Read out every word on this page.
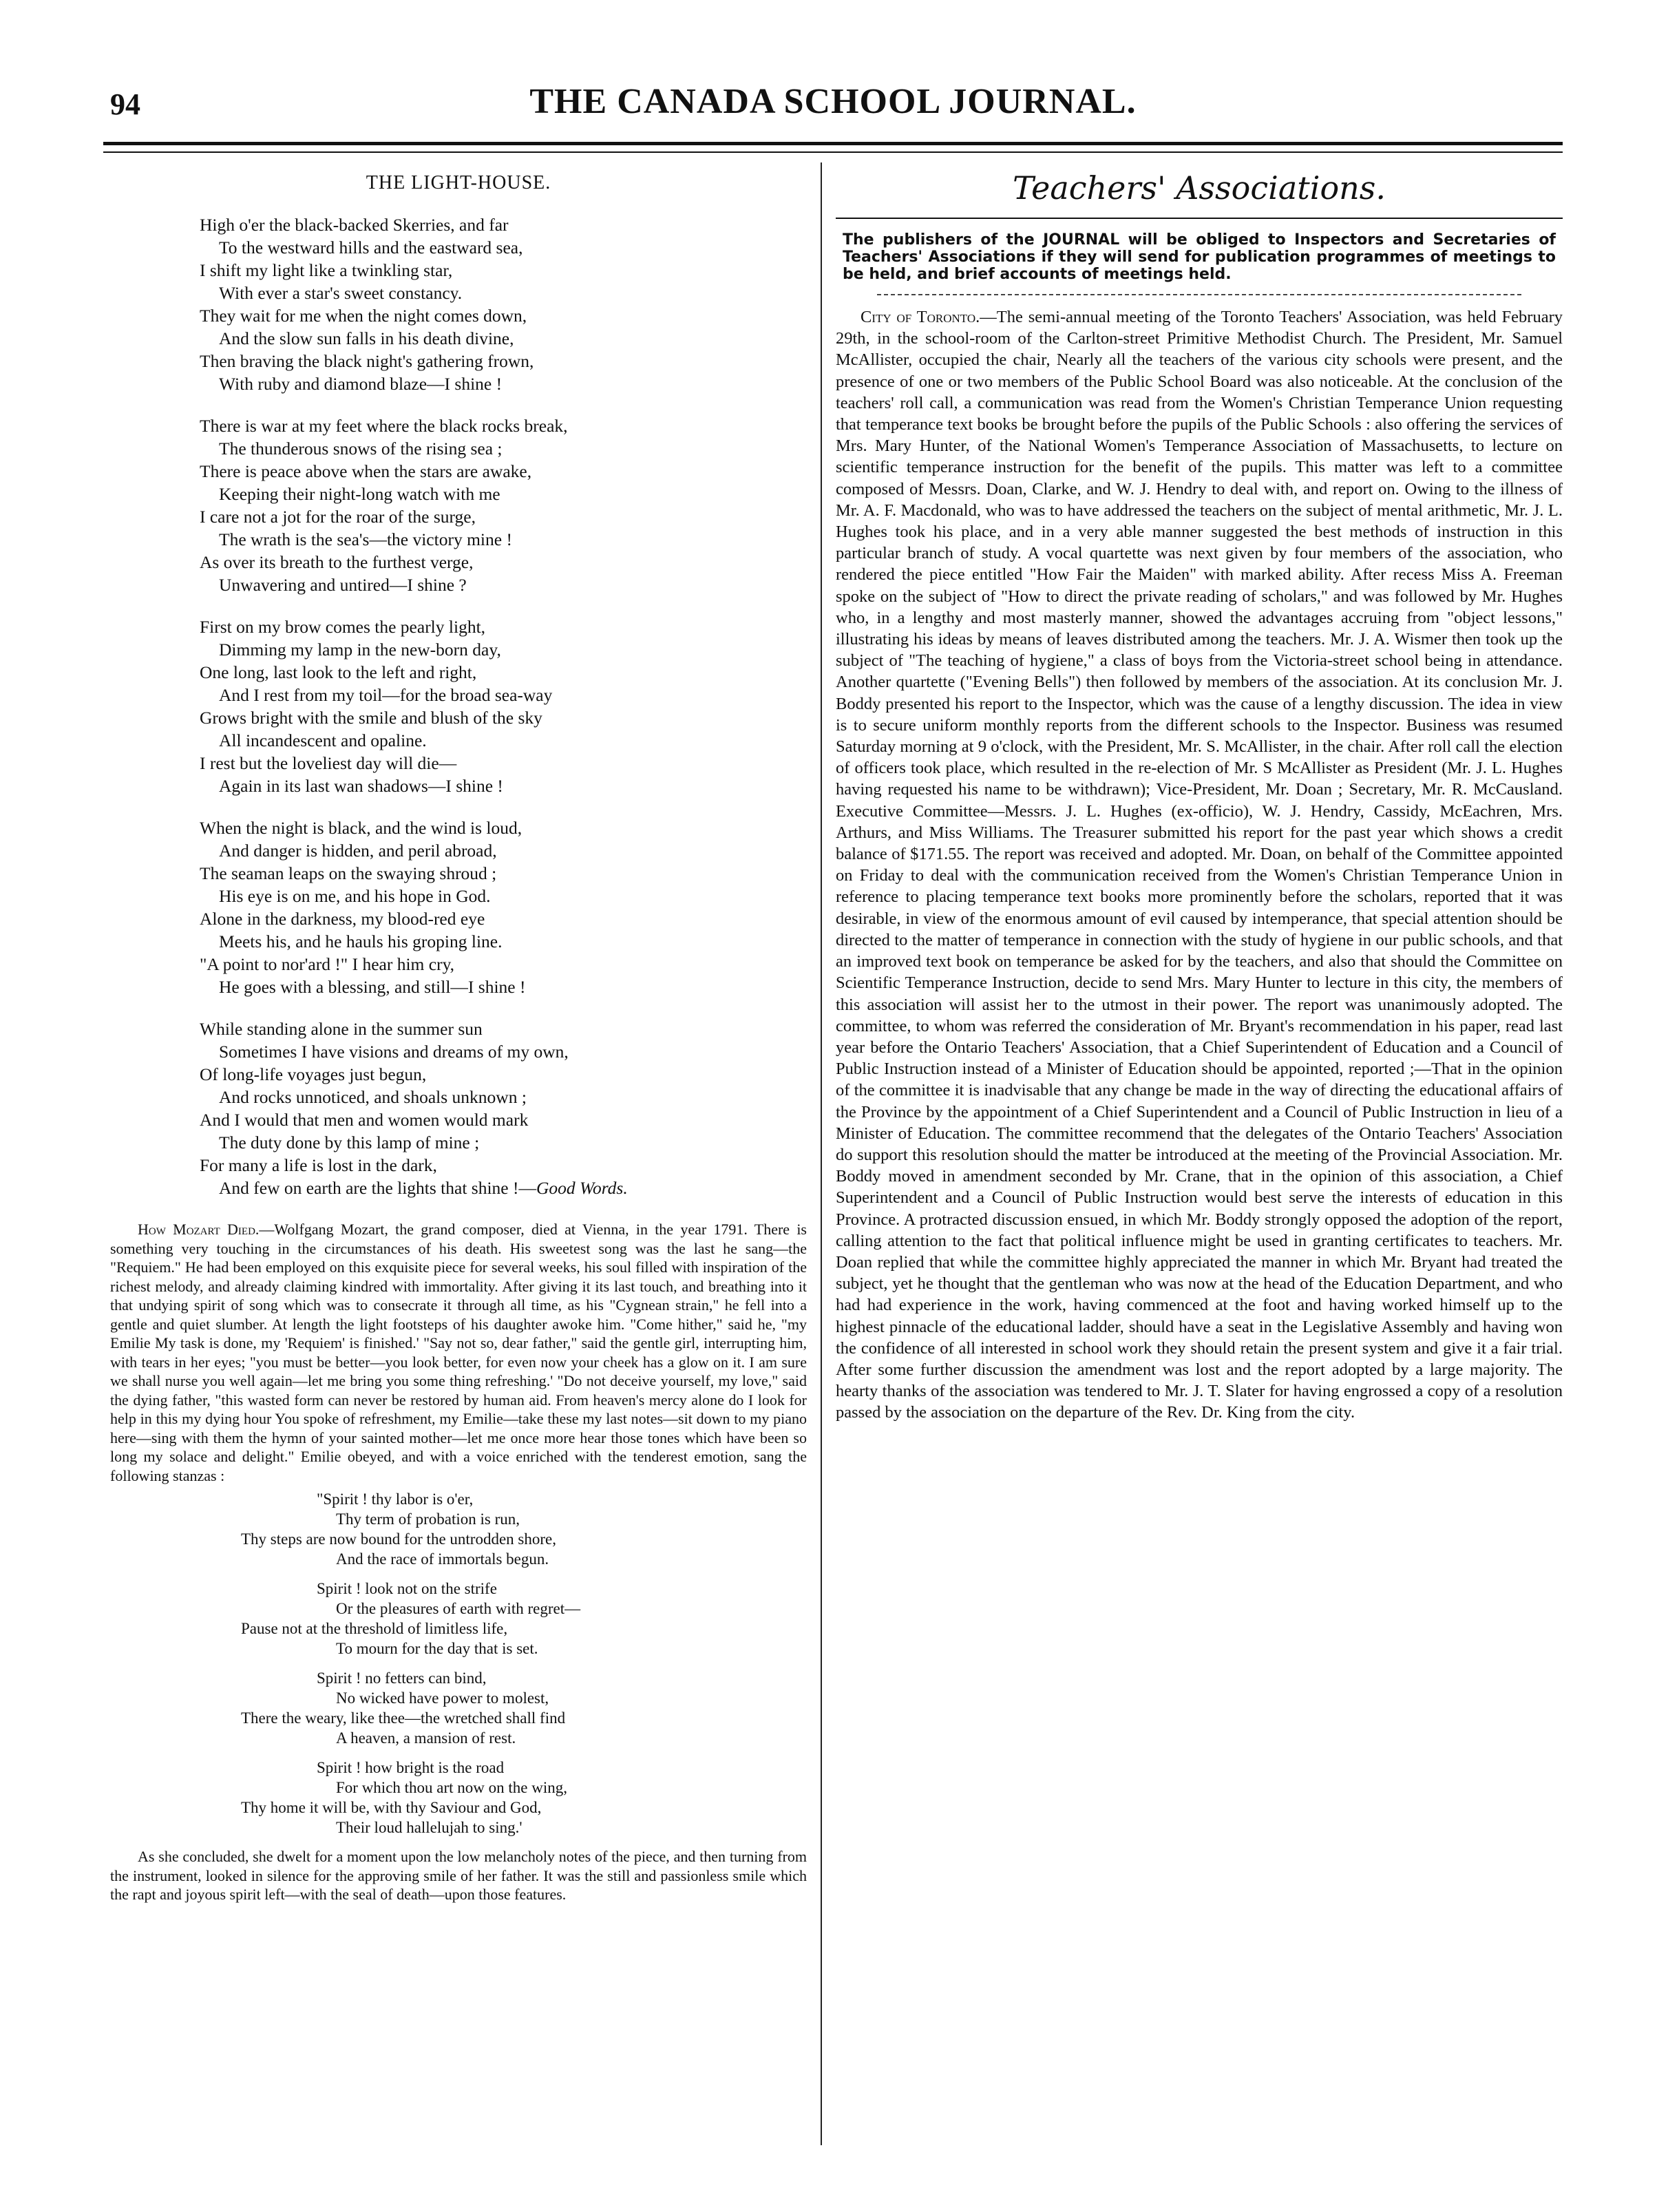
94	THE CANADA SCHOOL JOURNAL.
THE LIGHT-HOUSE.
High o'er the black-backed Skerries, and far
To the westward hills and the eastward sea,
I shift my light like a twinkling star,
With ever a star's sweet constancy.
They wait for me when the night comes down,
And the slow sun falls in his death divine,
Then braving the black night's gathering frown,
With ruby and diamond blaze—I shine !
There is war at my feet where the black rocks break,
The thunderous snows of the rising sea ;
There is peace above when the stars are awake,
Keeping their night-long watch with me
I care not a jot for the roar of the surge,
The wrath is the sea's—the victory mine !
As over its breath to the furthest verge,
Unwavering and untired—I shine ?
First on my brow comes the pearly light,
Dimming my lamp in the new-born day,
One long, last look to the left and right,
And I rest from my toil—for the broad sea-way
Grows bright with the smile and blush of the sky
All incandescent and opaline.
I rest but the loveliest day will die—
Again in its last wan shadows—I shine !
When the night is black, and the wind is loud,
And danger is hidden, and peril abroad,
The seaman leaps on the swaying shroud ;
His eye is on me, and his hope in God.
Alone in the darkness, my blood-red eye
Meets his, and he hauls his groping line.
"A point to nor'ard !" I hear him cry,
He goes with a blessing, and still—I shine !
While standing alone in the summer sun
Sometimes I have visions and dreams of my own,
Of long-life voyages just begun,
And rocks unnoticed, and shoals unknown ;
And I would that men and women would mark
The duty done by this lamp of mine ;
For many a life is lost in the dark,
And few on earth are the lights that shine !—Good Words.
How Mozart Died.—Wolfgang Mozart, the grand composer, died at Vienna, in the year 1791. There is something very touching in the circumstances of his death. His sweetest song was the last he sang—the "Requiem." He had been employed on this exquisite piece for several weeks, his soul filled with inspiration of the richest melody, and already claiming kindred with immortality. After giving it its last touch, and breathing into it that undying spirit of song which was to consecrate it through all time, as his "Cygnean strain," he fell into a gentle and quiet slumber. At length the light footsteps of his daughter awoke him. "Come hither," said he, "my Emilie My task is done, my 'Requiem' is finished.' "Say not so, dear father," said the gentle girl, interrupting him, with tears in her eyes; "you must be better—you look better, for even now your cheek has a glow on it. I am sure we shall nurse you well again—let me bring you some thing refreshing.' "Do not deceive yourself, my love," said the dying father, "this wasted form can never be restored by human aid. From heaven's mercy alone do I look for help in this my dying hour You spoke of refreshment, my Emilie—take these my last notes—sit down to my piano here—sing with them the hymn of your sainted mother—let me once more hear those tones which have been so long my solace and delight." Emilie obeyed, and with a voice enriched with the tenderest emotion, sang the following stanzas :
"Spirit ! thy labor is o'er,
Thy term of probation is run,
Thy steps are now bound for the untrodden shore,
And the race of immortals begun.
Spirit ! look not on the strife
Or the pleasures of earth with regret—
Pause not at the threshold of limitless life,
To mourn for the day that is set.
Spirit ! no fetters can bind,
No wicked have power to molest,
There the weary, like thee—the wretched shall find
A heaven, a mansion of rest.
Spirit ! how bright is the road
For which thou art now on the wing,
Thy home it will be, with thy Saviour and God,
Their loud hallelujah to sing.'
As she concluded, she dwelt for a moment upon the low melancholy notes of the piece, and then turning from the instrument, looked in silence for the approving smile of her father. It was the still and passionless smile which the rapt and joyous spirit left—with the seal of death—upon those features.
Teachers' Associations.
The publishers of the JOURNAL will be obliged to Inspectors and Secretaries of Teachers' Associations if they will send for publication programmes of meetings to be held, and brief accounts of meetings held.
City of Toronto.—The semi-annual meeting of the Toronto Teachers' Association, was held February 29th, in the school-room of the Carlton-street Primitive Methodist Church. The President, Mr. Samuel McAllister, occupied the chair, Nearly all the teachers of the various city schools were present, and the presence of one or two members of the Public School Board was also noticeable. At the conclusion of the teachers' roll call, a communication was read from the Women's Christian Temperance Union requesting that temperance text books be brought before the pupils of the Public Schools : also offering the services of Mrs. Mary Hunter, of the National Women's Temperance Association of Massachusetts, to lecture on scientific temperance instruction for the benefit of the pupils. This matter was left to a committee composed of Messrs. Doan, Clarke, and W. J. Hendry to deal with, and report on. Owing to the illness of Mr. A. F. Macdonald, who was to have addressed the teachers on the subject of mental arithmetic, Mr. J. L. Hughes took his place, and in a very able manner suggested the best methods of instruction in this particular branch of study. A vocal quartette was next given by four members of the association, who rendered the piece entitled "How Fair the Maiden" with marked ability. After recess Miss A. Freeman spoke on the subject of "How to direct the private reading of scholars," and was followed by Mr. Hughes who, in a lengthy and most masterly manner, showed the advantages accruing from "object lessons," illustrating his ideas by means of leaves distributed among the teachers. Mr. J. A. Wismer then took up the subject of "The teaching of hygiene," a class of boys from the Victoria-street school being in attendance. Another quartette ("Evening Bells") then followed by members of the association. At its conclusion Mr. J. Boddy presented his report to the Inspector, which was the cause of a lengthy discussion. The idea in view is to secure uniform monthly reports from the different schools to the Inspector. Business was resumed Saturday morning at 9 o'clock, with the President, Mr. S. McAllister, in the chair. After roll call the election of officers took place, which resulted in the re-election of Mr. S McAllister as President (Mr. J. L. Hughes having requested his name to be withdrawn); Vice-President, Mr. Doan ; Secretary, Mr. R. McCausland. Executive Committee—Messrs. J. L. Hughes (ex-officio), W. J. Hendry, Cassidy, McEachren, Mrs. Arthurs, and Miss Williams. The Treasurer submitted his report for the past year which shows a credit balance of $171.55. The report was received and adopted. Mr. Doan, on behalf of the Committee appointed on Friday to deal with the communication received from the Women's Christian Temperance Union in reference to placing temperance text books more prominently before the scholars, reported that it was desirable, in view of the enormous amount of evil caused by intemperance, that special attention should be directed to the matter of temperance in connection with the study of hygiene in our public schools, and that an improved text book on temperance be asked for by the teachers, and also that should the Committee on Scientific Temperance Instruction, decide to send Mrs. Mary Hunter to lecture in this city, the members of this association will assist her to the utmost in their power. The report was unanimously adopted. The committee, to whom was referred the consideration of Mr. Bryant's recommendation in his paper, read last year before the Ontario Teachers' Association, that a Chief Superintendent of Education and a Council of Public Instruction instead of a Minister of Education should be appointed, reported ;—That in the opinion of the committee it is inadvisable that any change be made in the way of directing the educational affairs of the Province by the appointment of a Chief Superintendent and a Council of Public Instruction in lieu of a Minister of Education. The committee recommend that the delegates of the Ontario Teachers' Association do support this resolution should the matter be introduced at the meeting of the Provincial Association. Mr. Boddy moved in amendment seconded by Mr. Crane, that in the opinion of this association, a Chief Superintendent and a Council of Public Instruction would best serve the interests of education in this Province. A protracted discussion ensued, in which Mr. Boddy strongly opposed the adoption of the report, calling attention to the fact that political influence might be used in granting certificates to teachers. Mr. Doan replied that while the committee highly appreciated the manner in which Mr. Bryant had treated the subject, yet he thought that the gentleman who was now at the head of the Education Department, and who had had experience in the work, having commenced at the foot and having worked himself up to the highest pinnacle of the educational ladder, should have a seat in the Legislative Assembly and having won the confidence of all interested in school work they should retain the present system and give it a fair trial. After some further discussion the amendment was lost and the report adopted by a large majority. The hearty thanks of the association was tendered to Mr. J. T. Slater for having engrossed a copy of a resolution passed by the association on the departure of the Rev. Dr. King from the city.
